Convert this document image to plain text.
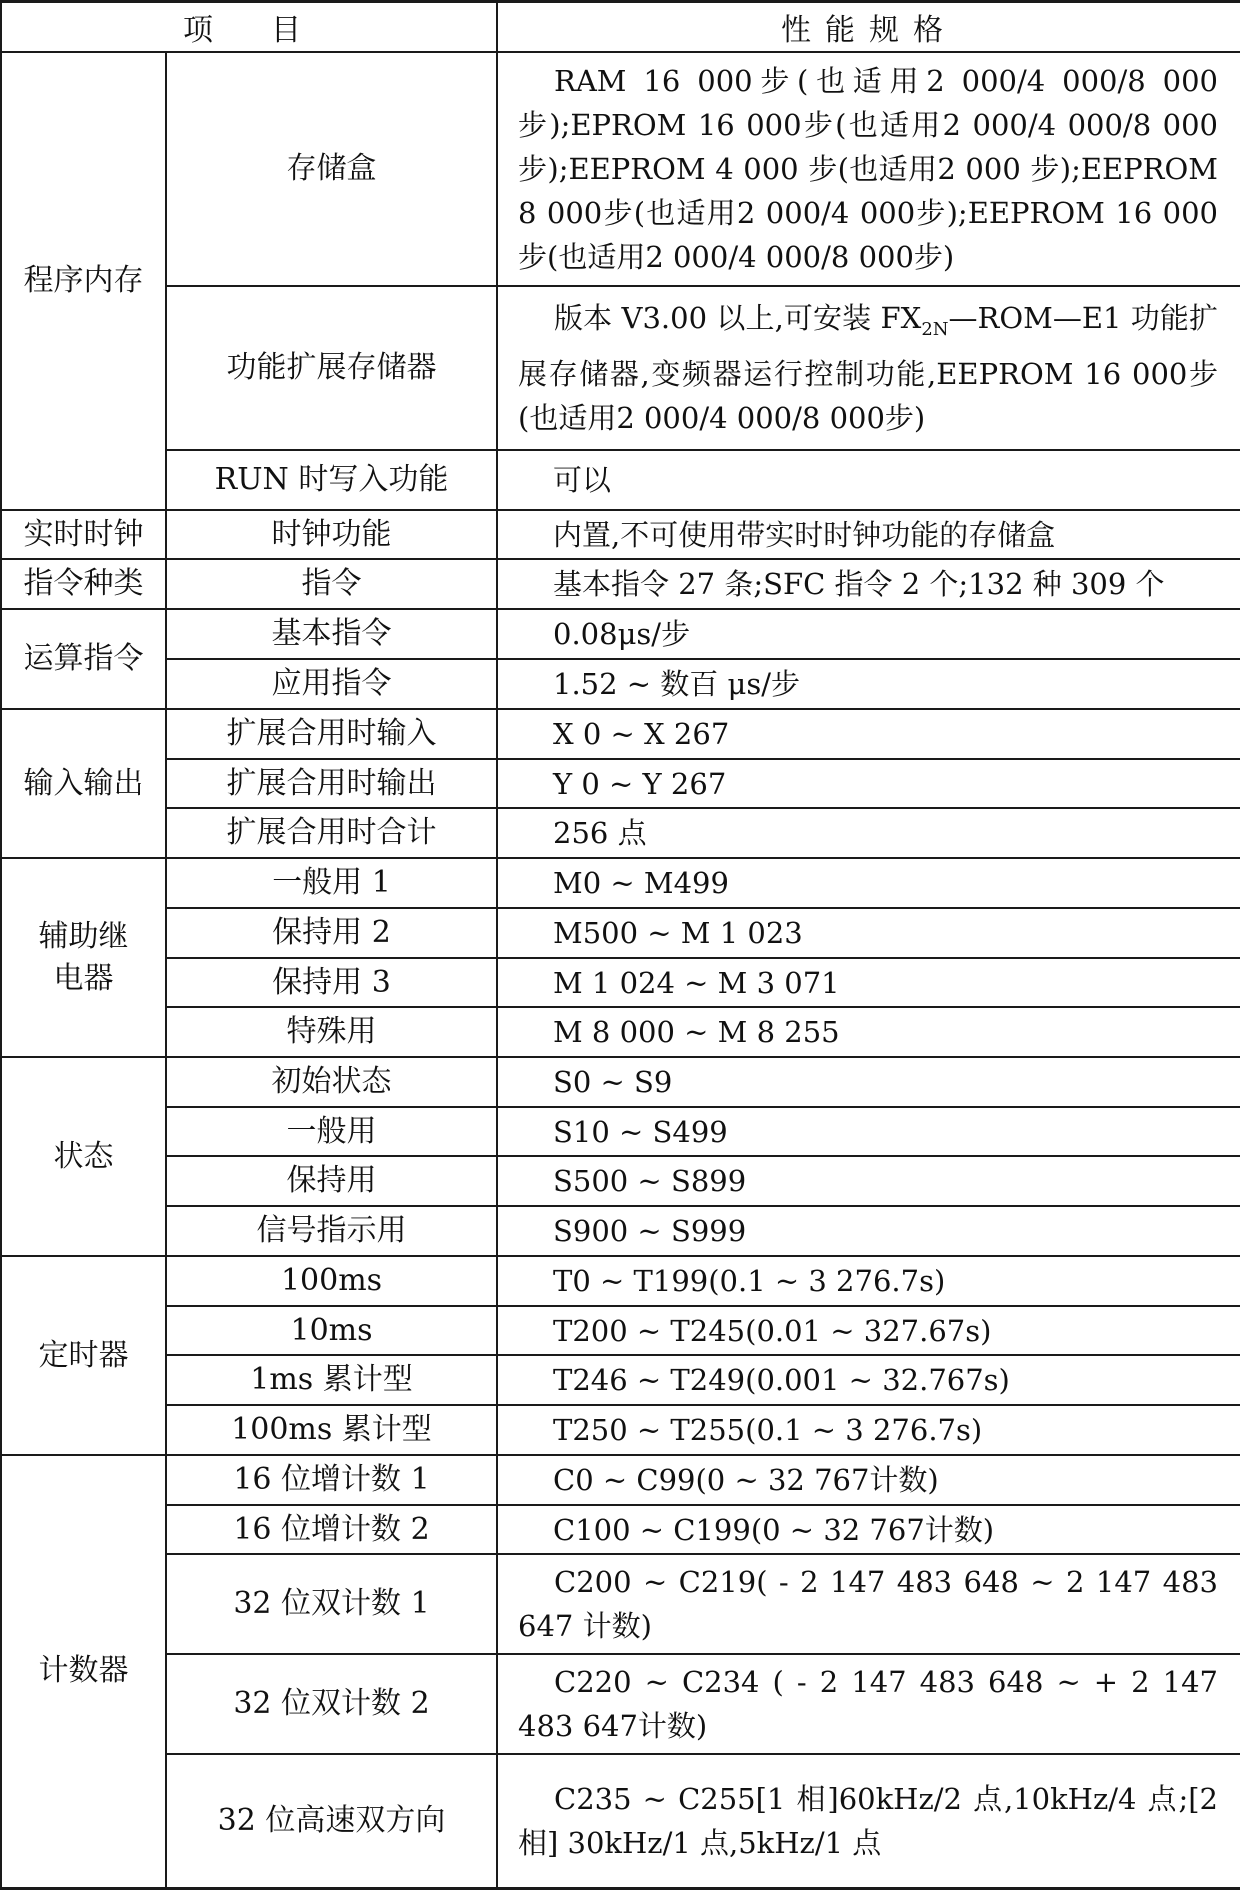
项　目		性能规格
程序内存	存储盒	RAM 16 000步(也适用2 000/4 000/8 000步);EPROM 16 000步(也适用2 000/4 000/8 000步);EEPROM 4 000 步(也适用2 000 步);EEPROM 8 000步(也适用2 000/4 000步);EEPROM 16 000步(也适用2 000/4 000/8 000步)

	功能扩展存储器	版本 V3.00 以上,可安装 $FX_{2N}—ROM—E1$ 功能扩展存储器,变频器运行控制功能,EEPROM 16 000步(也适用2 000/4 000/8 000步)

	RUN 时写入功能	可以
实时时钟	时钟功能	内置,不可使用带实时时钟功能的存储盒
指令种类	指令	基本指令 27 条;SFC 指令 2 个;132 种 309 个
运算指令	基本指令	0.08μs/步
	应用指令	1.52 ~ 数百 μs/步
输入输出	扩展合用时输入	X 0 ~ X 267
	扩展合用时输出	Y 0 ~ Y 267
	扩展合用时合计	256 点
辅助继
电器	一般用 1	M0 ~ M499
	保持用 2	M500 ~ M 1 023
	保持用 3	M 1 024 ~ M 3 071
	特殊用	M 8 000 ~ M 8 255
状态	初始状态	S0 ~ S9
	一般用	S10 ~ S499
	保持用	S500 ~ S899
	信号指示用	S900 ~ S999
定时器	100ms	T0 ~ T199(0.1 ~ 3 276.7s)
	10ms	T200 ~ T245(0.01 ~ 327.67s)
	1ms 累计型	T246 ~ T249(0.001 ~ 32.767s)
	100ms 累计型	T250 ~ T255(0.1 ~ 3 276.7s)
计数器	16 位增计数 1	C0 ~ C99(0 ~ 32 767计数)
	16 位增计数 2	C100 ~ C199(0 ~ 32 767计数)
	32 位双计数 1	C200 ~ C219( - 2 147 483 648 ~ 2 147 483 647 计数)

	32 位双计数 2	C220 ~ C234 ( - 2 147 483 648 ~ + 2 147 483 647计数)

	32 位高速双方向	C235 ~ C255[1 相]60kHz/2 点,10kHz/4 点;[2 相] 30kHz/1 点,5kHz/1 点
